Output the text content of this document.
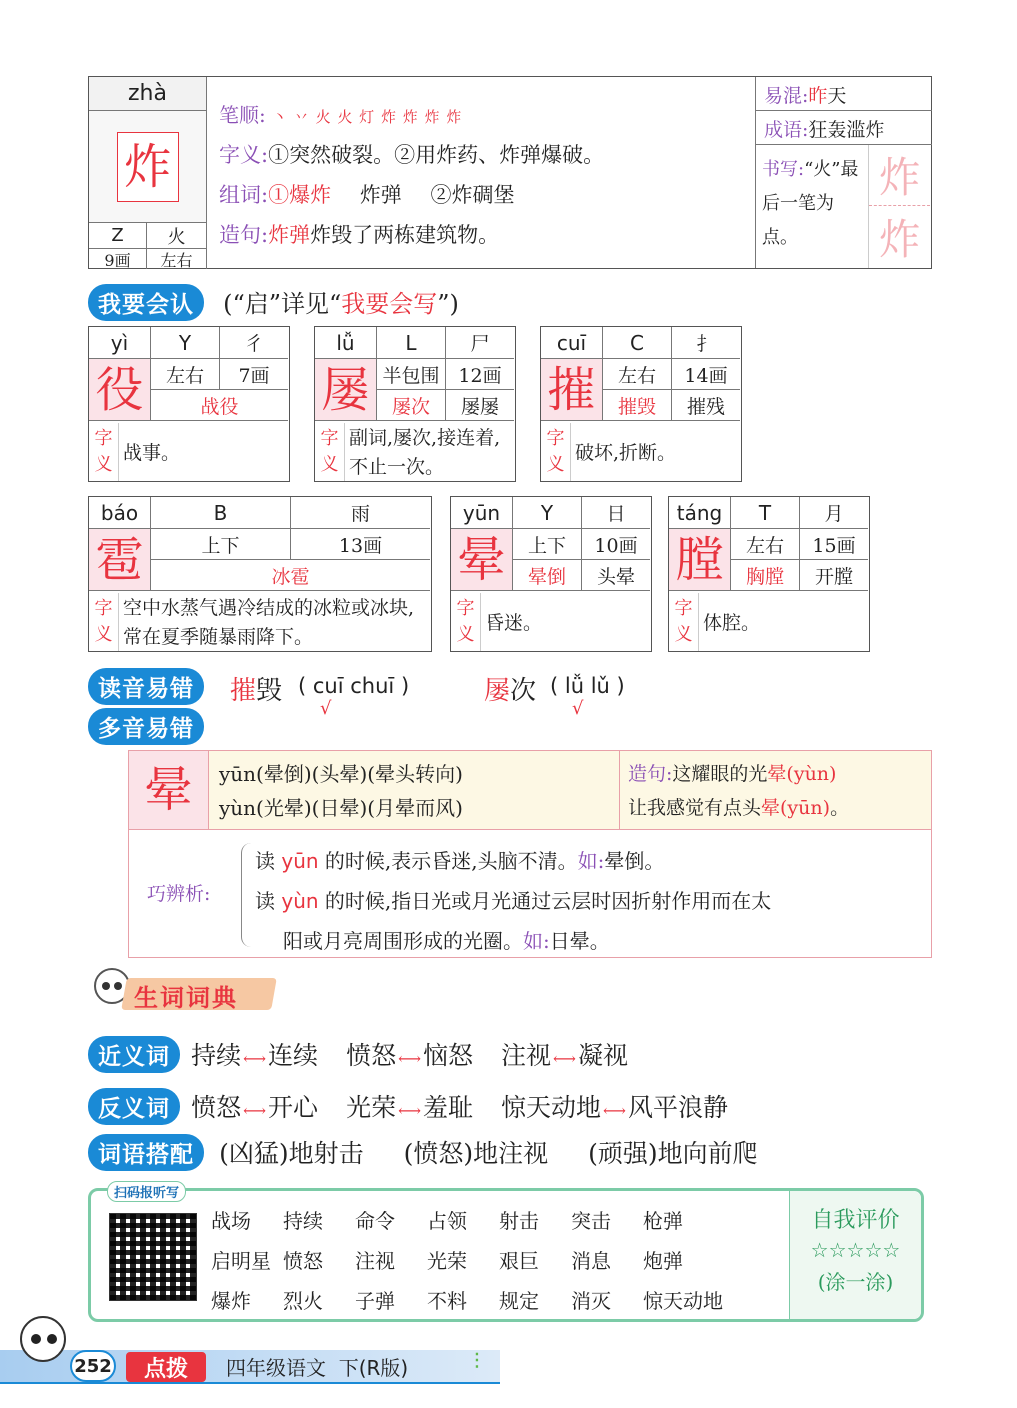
zhà
炸
Z	火
9画	左右
笔顺: 丶 丷 火 火 灯 炸 炸 炸 炸
字义:①突然破裂。②用炸药、炸弹爆破。
组词:①爆炸 炸弹 ②炸碉堡
造句:炸弹炸毁了两栋建筑物。
易混:昨天
成语:狂轰滥炸
书写:“火”最后一笔为点。
炸
炸
我要会认 (“启”详见“我要会写”)
yì	Y	彳
役	左右	7画
战役
字
义
战事。
lǚ	L	尸
屡 半包围 12画
屡次	屡屡
字
义
副词,屡次,接连着,不止一次。
cuī	C	扌
摧	左右	14画
摧毁	摧残
字
义
破坏,折断。
báo	B	雨
雹	上下	13画
冰雹
字
义
空中水蒸气遇冷结成的冰粒或冰块,常在夏季随暴雨降下。
yūn	Y	日
晕	上下	10画
晕倒	头晕
字
义
昏迷。
táng	T	月
膛	左右	15画
胸膛	开膛
字
义
体腔。
读音易错 摧毁 ( cuī chuī )
√
屡次 ( lǚ lǔ )
√
多音易错
晕 yūn(晕倒)(头晕)(晕头转向)
yùn(光晕)(日晕)(月晕而风)
造句:这耀眼的光晕(yùn)
让我感觉有点头晕(yūn)。
巧辨析:
读 yūn 的时候,表示昏迷,头脑不清。如:晕倒。
读 yùn 的时候,指日光或月光通过云层时因折射作用而在太
阳或月亮周围形成的光圈。如:日晕。
生词词典
近义词 持续 ⟷连续 愤怒 ⟷恼怒 注视 ⟷凝视
反义词 愤怒 ⟷开心 光荣 ⟷羞耻 惊天动地 ⟷风平浪静
词语搭配 (凶猛)地射击 (愤怒)地注视 (顽强)地向前爬
扫码报听写
战场 持续 命令 占领 射击 突击 枪弹
启明星 愤怒 注视 光荣 艰巨 消息 炮弹
爆炸 烈火 子弹 不料 规定 消灭 惊天动地
自我评价
☆☆☆☆☆
(涂一涂)
252	点拨	四年级语文  下(R版)	⫶
